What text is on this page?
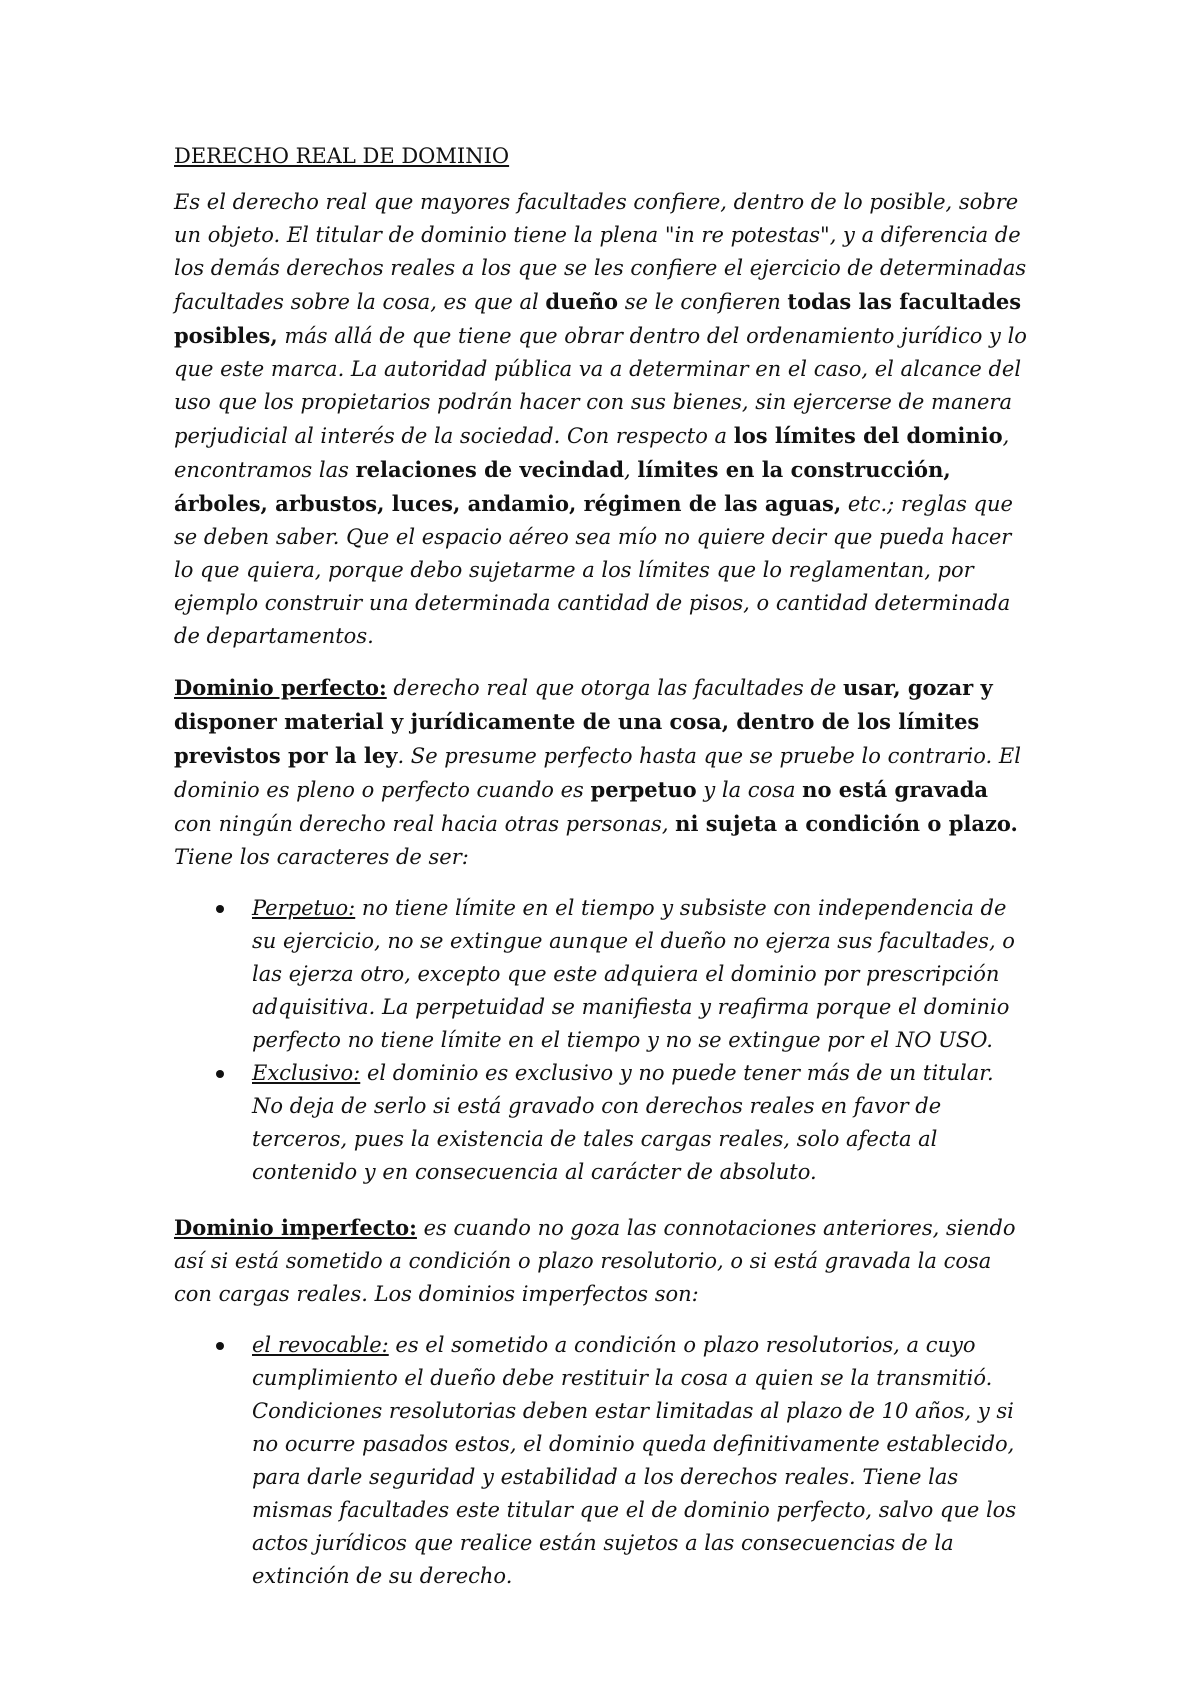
DERECHO REAL DE DOMINIO

Es el derecho real que mayores facultades confiere, dentro de lo posible, sobre un objeto. El titular de dominio tiene la plena "in re potestas", y a diferencia de los demás derechos reales a los que se les confiere el ejercicio de determinadas facultades sobre la cosa, es que al dueño se le confieren todas las facultades posibles, más allá de que tiene que obrar dentro del ordenamiento jurídico y lo que este marca. La autoridad pública va a determinar en el caso, el alcance del uso que los propietarios podrán hacer con sus bienes, sin ejercerse de manera perjudicial al interés de la sociedad. Con respecto a los límites del dominio, encontramos las relaciones de vecindad, límites en la construcción, árboles, arbustos, luces, andamio, régimen de las aguas, etc.; reglas que se deben saber. Que el espacio aéreo sea mío no quiere decir que pueda hacer lo que quiera, porque debo sujetarme a los límites que lo reglamentan, por ejemplo construir una determinada cantidad de pisos, o cantidad determinada de departamentos.

Dominio perfecto: derecho real que otorga las facultades de usar, gozar y disponer material y jurídicamente de una cosa, dentro de los límites previstos por la ley. Se presume perfecto hasta que se pruebe lo contrario. El dominio es pleno o perfecto cuando es perpetuo y la cosa no está gravada con ningún derecho real hacia otras personas, ni sujeta a condición o plazo. Tiene los caracteres de ser:

Perpetuo: no tiene límite en el tiempo y subsiste con independencia de su ejercicio, no se extingue aunque el dueño no ejerza sus facultades, o las ejerza otro, excepto que este adquiera el dominio por prescripción adquisitiva. La perpetuidad se manifiesta y reafirma porque el dominio perfecto no tiene límite en el tiempo y no se extingue por el NO USO.
Exclusivo: el dominio es exclusivo y no puede tener más de un titular. No deja de serlo si está gravado con derechos reales en favor de terceros, pues la existencia de tales cargas reales, solo afecta al contenido y en consecuencia al carácter de absoluto.

Dominio imperfecto: es cuando no goza las connotaciones anteriores, siendo así si está sometido a condición o plazo resolutorio, o si está gravada la cosa con cargas reales. Los dominios imperfectos son:

el revocable: es el sometido a condición o plazo resolutorios, a cuyo cumplimiento el dueño debe restituir la cosa a quien se la transmitió. Condiciones resolutorias deben estar limitadas al plazo de 10 años, y si no ocurre pasados estos, el dominio queda definitivamente establecido, para darle seguridad y estabilidad a los derechos reales. Tiene las mismas facultades este titular que el de dominio perfecto, salvo que los actos jurídicos que realice están sujetos a las consecuencias de la extinción de su derecho.
